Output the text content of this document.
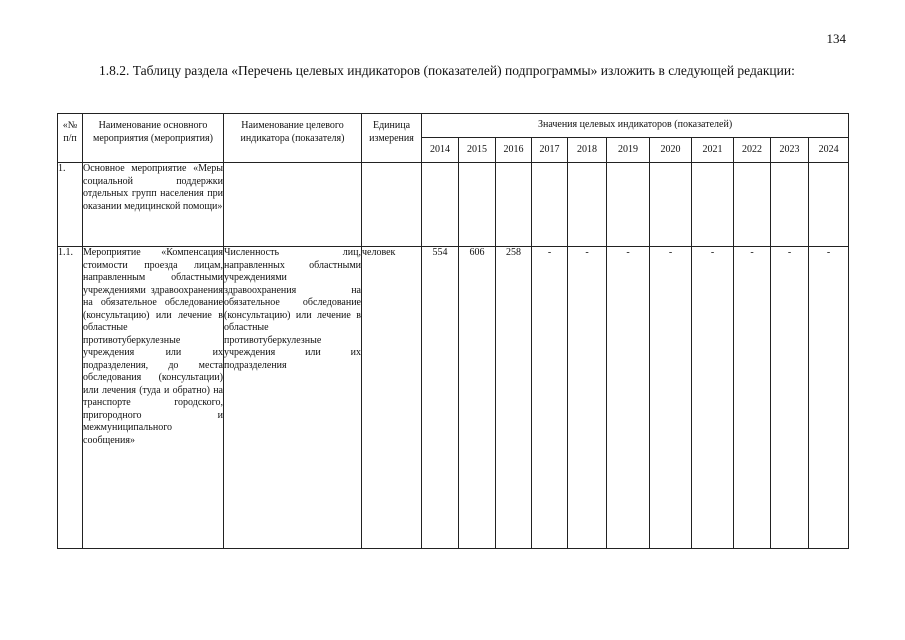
134
1.8.2. Таблицу раздела «Перечень целевых индикаторов (показателей) подпрограммы» изложить в следующей редакции:
«№ п/п	Наименование основного мероприятия (мероприятия)	Наименование целевого индикатора (показателя)	Единица измерения	Значения целевых индикаторов (показателей)										
				2014	2015	2016	2017	2018	2019	2020	2021	2022	2023	2024
1.	Основное мероприятие «Меры социальной поддержки отдельных групп населения при оказании медицинской помощи»													
1.1.	Мероприятие «Компенсация стоимости проезда лицам, направленным областными учреждениями здравоохранения на обязательное обследование (консультацию) или лечение в областные противотуберкулезные учреждения или их подразделения, до места обследования (консультации) или лечения (туда и обратно) на транспорте городского, пригородного и межмуниципального сообщения»	Численность лиц, направленных областными учреждениями здравоохранения на обязательное обследование (консультацию) или лечение в областные противотуберкулезные учреждения или их подразделения	человек	554	606	258	-	-	-	-	-	-	-	-
